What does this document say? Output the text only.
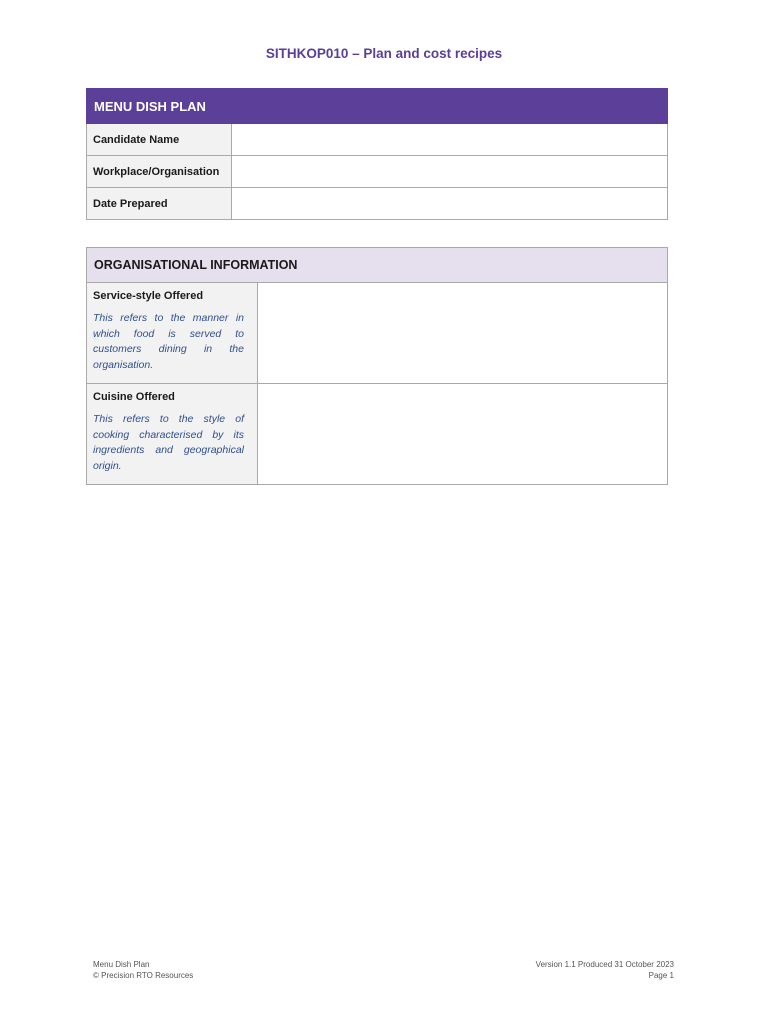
SITHKOP010 – Plan and cost recipes
MENU DISH PLAN	
Candidate Name	
Workplace/Organisation	
Date Prepared	
ORGANISATIONAL INFORMATION	

Service-style Offered
This refers to the manner in which food is served to customers dining in the organisation.	

Cuisine Offered
This refers to the style of cooking characterised by its ingredients and geographical origin.	

Menu Dish Plan
© Precision RTO Resources
Version 1.1 Produced 31 October 2023
Page 1
